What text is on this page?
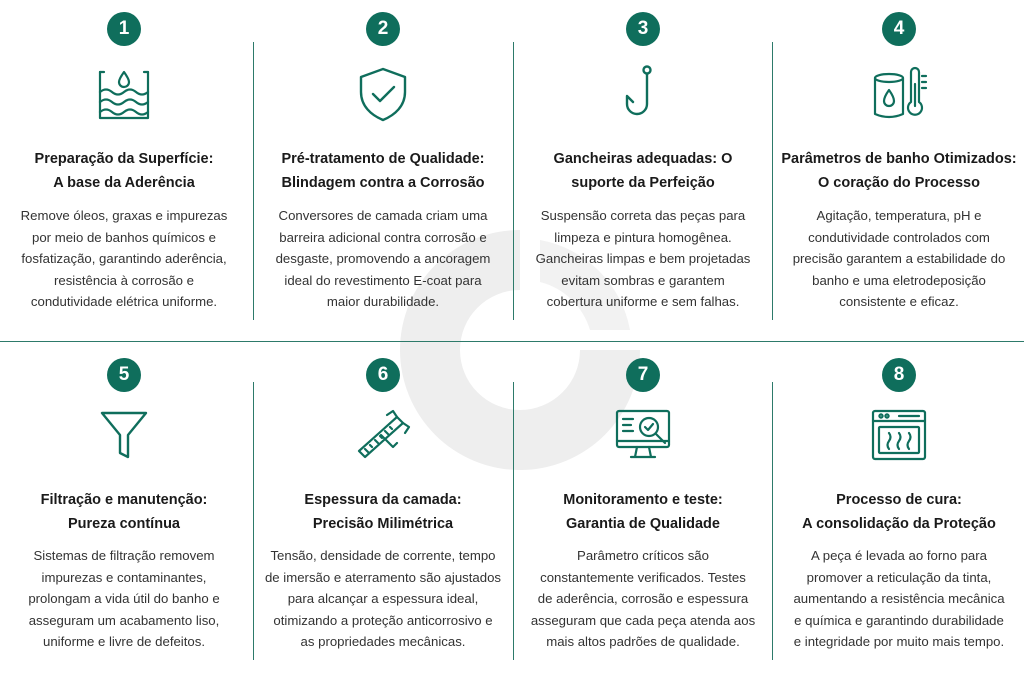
1
Preparação da Superfície:
A base da Aderência
Remove óleos, graxas e impurezas
por meio de banhos químicos e
fosfatização, garantindo aderência,
resistência à corrosão e
condutividade elétrica uniforme.
2
Pré-tratamento de Qualidade:
Blindagem contra a Corrosão
Conversores de camada criam uma
barreira adicional contra corrosão e
desgaste, promovendo a ancoragem
ideal do revestimento E-coat para
maior durabilidade.
3
Gancheiras adequadas: O
suporte da Perfeição
Suspensão correta das peças para
limpeza e pintura homogênea.
Gancheiras limpas e bem projetadas
evitam sombras e garantem
cobertura uniforme e sem falhas.
4
Parâmetros de banho Otimizados:
O coração do Processo
Agitação, temperatura, pH e
condutividade controlados com
precisão garantem a estabilidade do
banho e uma eletrodeposição
consistente e eficaz.
5
Filtração e manutenção:
Pureza contínua
Sistemas de filtração removem
impurezas e contaminantes,
prolongam a vida útil do banho e
asseguram um acabamento liso,
uniforme e livre de defeitos.
6
Espessura da camada:
Precisão Milimétrica
Tensão, densidade de corrente, tempo
de imersão e aterramento são ajustados
para alcançar a espessura ideal,
otimizando a proteção anticorrosivo e
as propriedades mecânicas.
7
Monitoramento e teste:
Garantia de Qualidade
Parâmetro críticos são
constantemente verificados. Testes
de aderência, corrosão e espessura
asseguram que cada peça atenda aos
mais altos padrões de qualidade.
8
Processo de cura:
A consolidação da Proteção
A peça é levada ao forno para
promover a reticulação da tinta,
aumentando a resistência mecânica
e química e garantindo durabilidade
e integridade por muito mais tempo.
